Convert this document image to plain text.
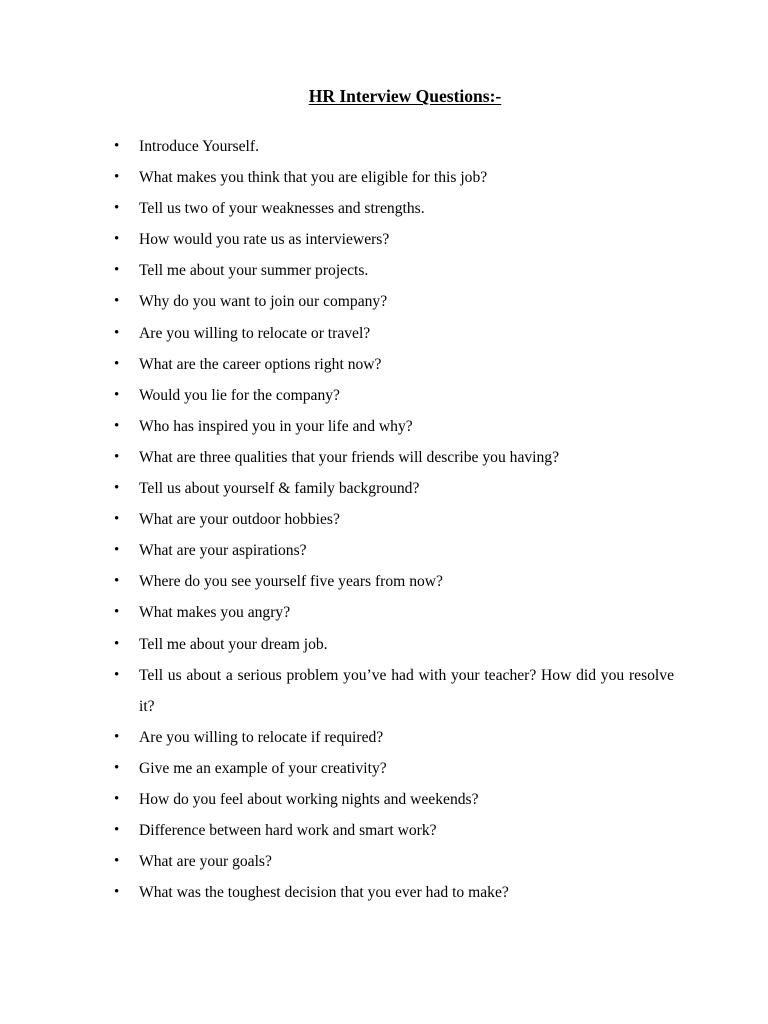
HR Interview Questions:-
• Introduce Yourself.
• What makes you think that you are eligible for this job?
• Tell us two of your weaknesses and strengths.
• How would you rate us as interviewers?
• Tell me about your summer projects.
• Why do you want to join our company?
• Are you willing to relocate or travel?
• What are the career options right now?
• Would you lie for the company?
• Who has inspired you in your life and why?
• What are three qualities that your friends will describe you having?
• Tell us about yourself & family background?
• What are your outdoor hobbies?
• What are your aspirations?
• Where do you see yourself five years from now?
• What makes you angry?
• Tell me about your dream job.
• Tell us about a serious problem you’ve had with your teacher? How did you resolve it?
• Are you willing to relocate if required?
• Give me an example of your creativity?
• How do you feel about working nights and weekends?
• Difference between hard work and smart work?
• What are your goals?
• What was the toughest decision that you ever had to make?
